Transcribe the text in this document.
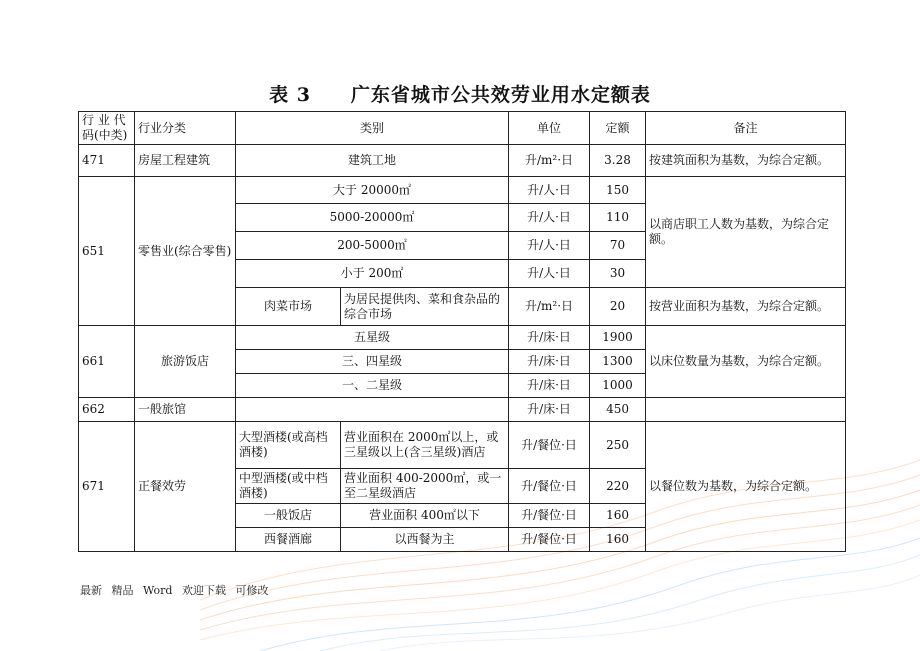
表 3　　广东省城市公共效劳业用水定额表
行 业 代码(中类)	行业分类	类别		单位	定额	备注
471	房屋工程建筑	建筑工地		升/m²·日	3.28	按建筑面积为基数，为综合定额。
651	零售业(综合零售)	大于 20000㎡		升/人·日	150	以商店职工人数为基数，为综合定额。
		5000-20000㎡		升/人·日	110	
		200-5000㎡		升/人·日	70	
		小于 200㎡		升/人·日	30	
		肉菜市场	为居民提供肉、菜和食杂品的综合市场	升/m²·日	20	按营业面积为基数，为综合定额。
661	旅游饭店	五星级		升/床·日	1900	以床位数量为基数，为综合定额。
		三、四星级		升/床·日	1300	
		一、二星级		升/床·日	1000	
662	一般旅馆			升/床·日	450	
671	正餐效劳	大型酒楼(或高档酒楼)	营业面积在 2000㎡以上，或三星级以上(含三星级)酒店	升/餐位·日	250	以餐位数为基数，为综合定额。
		中型酒楼(或中档酒楼)	营业面积 400-2000㎡，或一至二星级酒店	升/餐位·日	220	
		一般饭店	营业面积 400㎡以下	升/餐位·日	160	
		西餐酒廊	以西餐为主	升/餐位·日	160	
最新 精品 Word 欢迎下载 可修改
